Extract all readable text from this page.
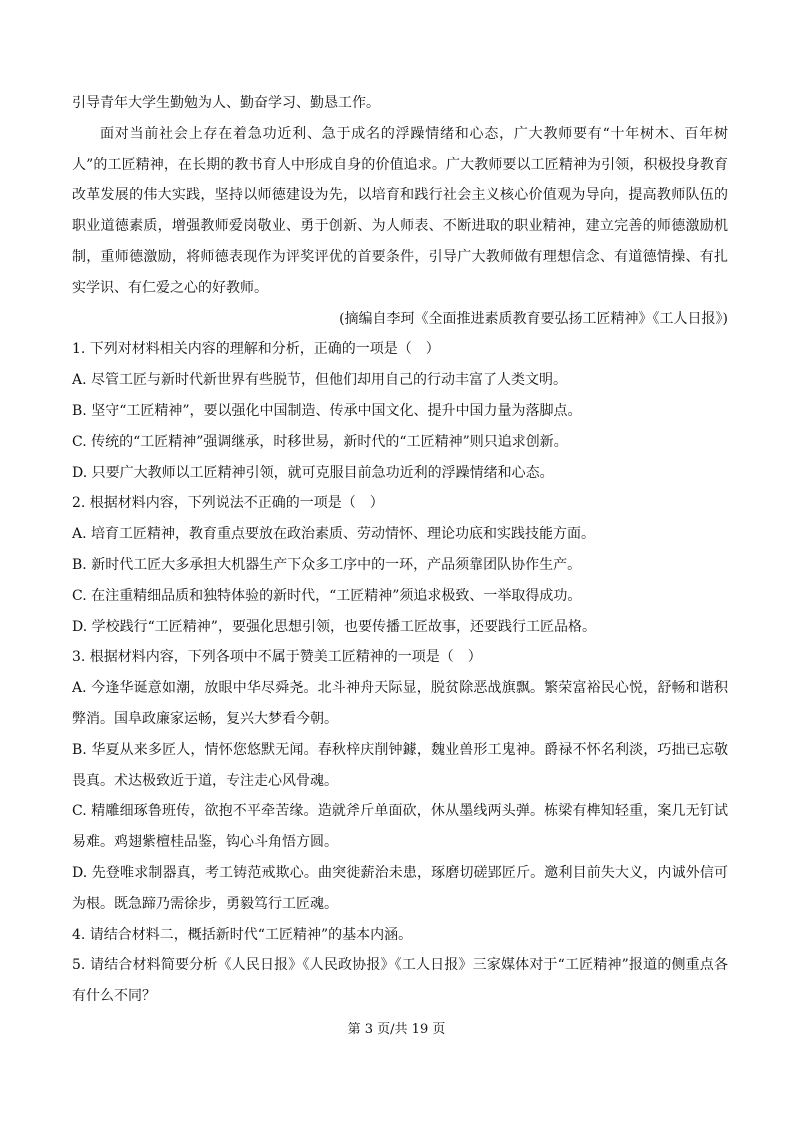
引导青年大学生勤勉为人、勤奋学习、勤恳工作。

面对当前社会上存在着急功近利、急于成名的浮躁情绪和心态，广大教师要有“十年树木、百年树人”的工匠精神，在长期的教书育人中形成自身的价值追求。广大教师要以工匠精神为引领，积极投身教育改革发展的伟大实践，坚持以师德建设为先，以培育和践行社会主义核心价值观为导向，提高教师队伍的职业道德素质，增强教师爱岗敬业、勇于创新、为人师表、不断进取的职业精神，建立完善的师德激励机制，重师德激励，将师德表现作为评奖评优的首要条件，引导广大教师做有理想信念、有道德情操、有扎实学识、有仁爱之心的好教师。

(摘编自李珂《全面推进素质教育要弘扬工匠精神》《工人日报》)

1. 下列对材料相关内容的理解和分析，正确的一项是（　）

A. 尽管工匠与新时代新世界有些脱节，但他们却用自己的行动丰富了人类文明。

B. 坚守“工匠精神”，要以强化中国制造、传承中国文化、提升中国力量为落脚点。

C. 传统的“工匠精神”强调继承，时移世易，新时代的“工匠精神”则只追求创新。

D. 只要广大教师以工匠精神引领，就可克服目前急功近利的浮躁情绪和心态。

2. 根据材料内容，下列说法不正确的一项是（　）

A. 培育工匠精神，教育重点要放在政治素质、劳动情怀、理论功底和实践技能方面。

B. 新时代工匠大多承担大机器生产下众多工序中的一环，产品须靠团队协作生产。

C. 在注重精细品质和独特体验的新时代，“工匠精神”须追求极致、一举取得成功。

D. 学校践行“工匠精神”，要强化思想引领，也要传播工匠故事，还要践行工匠品格。

3. 根据材料内容，下列各项中不属于赞美工匠精神的一项是（　）

A. 今逢华诞意如潮，放眼中华尽舜尧。北斗神舟天际显，脱贫除恶战旗飘。繁荣富裕民心悦，舒畅和谐积弊消。国阜政廉家运畅，复兴大梦看今朝。

B. 华夏从来多匠人，情怀您悠默无闻。春秋梓庆削钟鐻，魏业兽形工鬼神。爵禄不怀名利淡，巧拙已忘敬畏真。术达极致近于道，专注走心风骨魂。

C. 精雕细琢鲁班传，欲抱不平牵苦缘。造就斧斤单面砍，休从墨线两头弹。栋梁有榫知轻重，案几无钉试易难。鸡翅紫檀桂品鉴，钩心斗角悟方圆。

D. 先登唯求制器真，考工铸范戒欺心。曲突徙薪治未患，琢磨切磋郢匠斤。邀利目前失大义，内诚外信可为根。既急蹄乃需徐步，勇毅笃行工匠魂。

4. 请结合材料二，概括新时代“工匠精神”的基本内涵。

5. 请结合材料简要分析《人民日报》《人民政协报》《工人日报》三家媒体对于“工匠精神”报道的侧重点各有什么不同？

第 3 页/共 19 页
